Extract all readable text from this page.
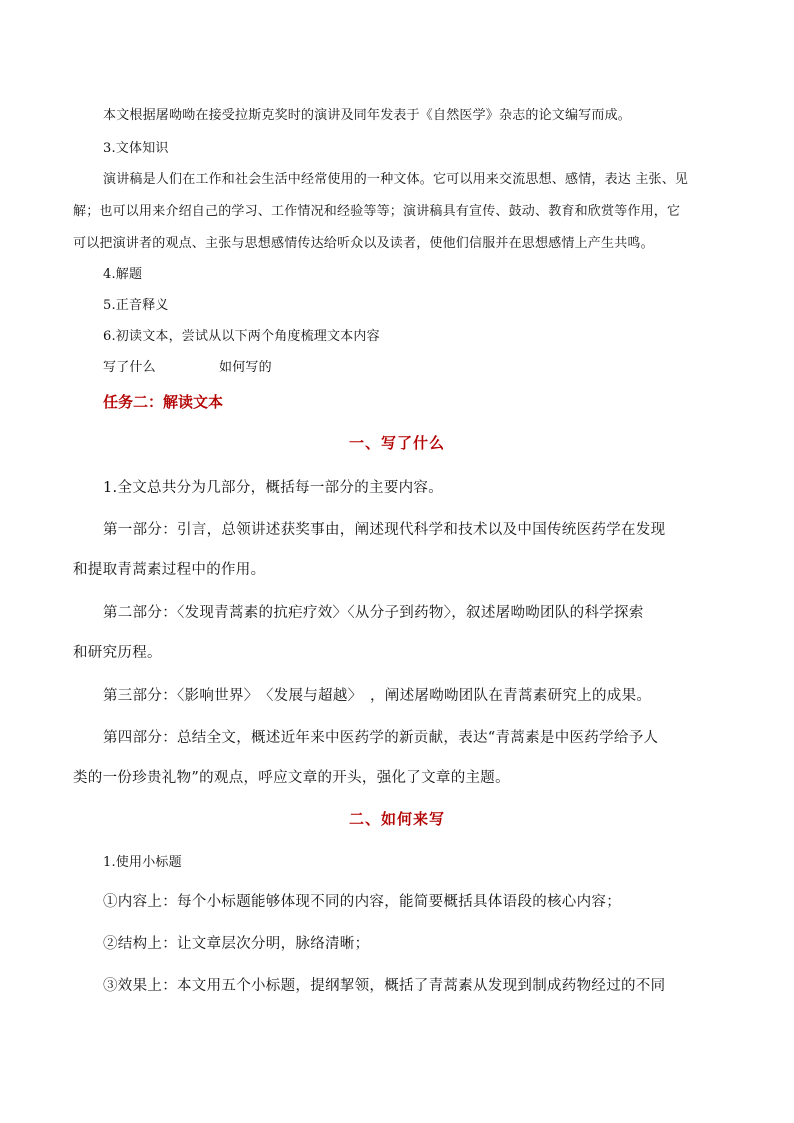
本文根据屠呦呦在接受拉斯克奖时的演讲及同年发表于《自然医学》杂志的论文编写而成。
3.文体知识
演讲稿是人们在工作和社会生活中经常使用的一种文体。它可以用来交流思想、感情，表达 主张、见
解；也可以用来介绍自己的学习、工作情况和经验等等；演讲稿具有宣传、鼓动、教育和欣赏等作用，它
可以把演讲者的观点、主张与思想感情传达给听众以及读者，使他们信服并在思想感情上产生共鸣。
4.解题
5.正音释义
6.初读文本，尝试从以下两个角度梳理文本内容
写了什么	如何写的
任务二：解读文本
一、写了什么
1.全文总共分为几部分，概括每一部分的主要内容。
第一部分：引言，总领讲述获奖事由，阐述现代科学和技术以及中国传统医药学在发现
和提取青蒿素过程中的作用。
第二部分：〈发现青蒿素的抗疟疗效〉〈从分子到药物〉，叙述屠呦呦团队的科学探索
和研究历程。
第三部分：〈影响世界〉　〈发展与超越〉　，阐述屠呦呦团队在青蒿素研究上的成果。
第四部分：总结全文，概述近年来中医药学的新贡献，表达“青蒿素是中医药学给予人
类的一份珍贵礼物”的观点，呼应文章的开头，强化了文章的主题。
二、如何来写
1.使用小标题
①内容上：每个小标题能够体现不同的内容，能简要概括具体语段的核心内容；
②结构上：让文章层次分明，脉络清晰；
③效果上：本文用五个小标题，提纲挈领，概括了青蒿素从发现到制成药物经过的不同
